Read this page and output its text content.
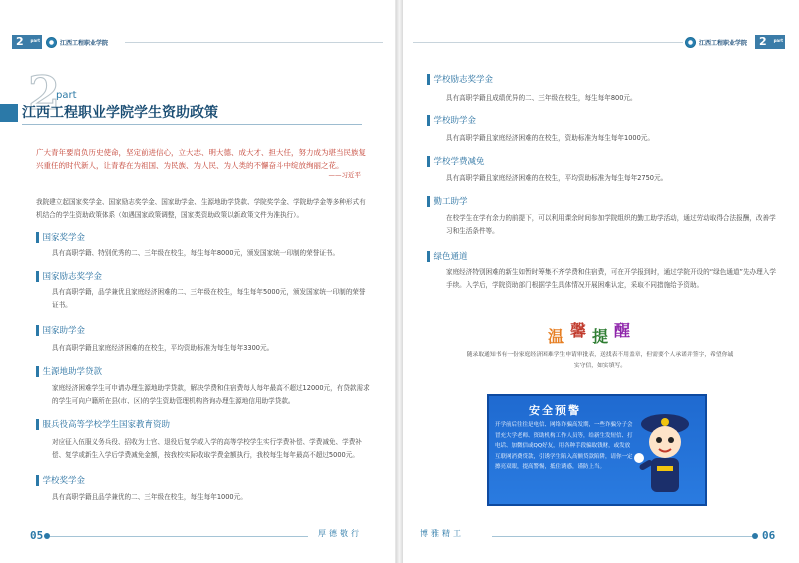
2 part	江西工程职业学院
2
part
江西工程职业学院学生资助政策
广大青年要肩负历史使命，坚定前进信心，立大志、明大德、成大才、担大任，努力成为堪当民族复兴重任的时代新人，让青春在为祖国、为民族、为人民、为人类的不懈奋斗中绽放绚丽之花。
——习近平
我院建立起国家奖学金、国家励志奖学金、国家助学金、生源地助学贷款、学院奖学金、学院助学金等多种形式有机结合的学生资助政策体系（如遇国家政策调整，国家类资助政策以新政策文件为准执行）。
国家奖学金
具有高职学籍、特别优秀的二、三年级在校生，每生每年8000元，颁发国家统一印制的荣誉证书。
国家励志奖学金
具有高职学籍，品学兼优且家庭经济困难的二、三年级在校生，每生每年5000元，颁发国家统一印制的荣誉证书。
国家助学金
具有高职学籍且家庭经济困难的在校生，平均资助标准为每生每年3300元。
生源地助学贷款
家庭经济困难学生可申请办理生源地助学贷款，解决学费和住宿费每人每年最高不超过12000元，有贷款需求的学生可向户籍所在县(市、区)的学生资助管理机构咨询办理生源地信用助学贷款。
服兵役高等学校学生国家教育资助
对应征入伍服义务兵役、招收为士官、退役后复学或入学的高等学校学生实行学费补偿、学费减免、学费补偿、复学或新生入学后学费减免金额，按我校实际收取学费金额执行，我校每生每年最高不超过5000元。
学校奖学金
具有高职学籍且品学兼优的二、三年级在校生，每生每年1000元。
05	厚德敬行
江西工程职业学院	2 part
学校励志奖学金
具有高职学籍且成绩优异的二、三年级在校生，每生每年800元。
学校助学金
具有高职学籍且家庭经济困难的在校生，资助标准为每生每年1000元。
学校学费减免
具有高职学籍且家庭经济困难的在校生，平均资助标准为每生每年2750元。
勤工助学
在校学生在学有余力的前提下，可以利用课余时间参加学院组织的勤工助学活动，通过劳动取得合法报酬，改善学习和生活条件等。
绿色通道
家庭经济特别困难的新生如暂时筹集不齐学费和住宿费，可在开学报到时，通过学院开设的“绿色通道”先办理入学手续。入学后，学院资助部门根据学生具体情况开展困难认定，采取不同措施给予资助。
温 馨 提 醒
随录取通知书有一份家庭经济困难学生申请审批表，送找表不用盖章，但需要个人承诺并签字，希望你诚实守信，如实填写。
安全预警
开学前后往往是电信、网络诈骗高发期，一些诈骗分子会冒充大学老师、资助机构工作人员等，给新生发短信、打电话、加微信或QQ好友，用各种手段骗取钱财，或发放互联网消费贷款，引诱学生陷入高额贷款陷阱，请你一定擦亮双眼，提高警惕，抵住诱惑，谨防上当。
博雅精工	06
